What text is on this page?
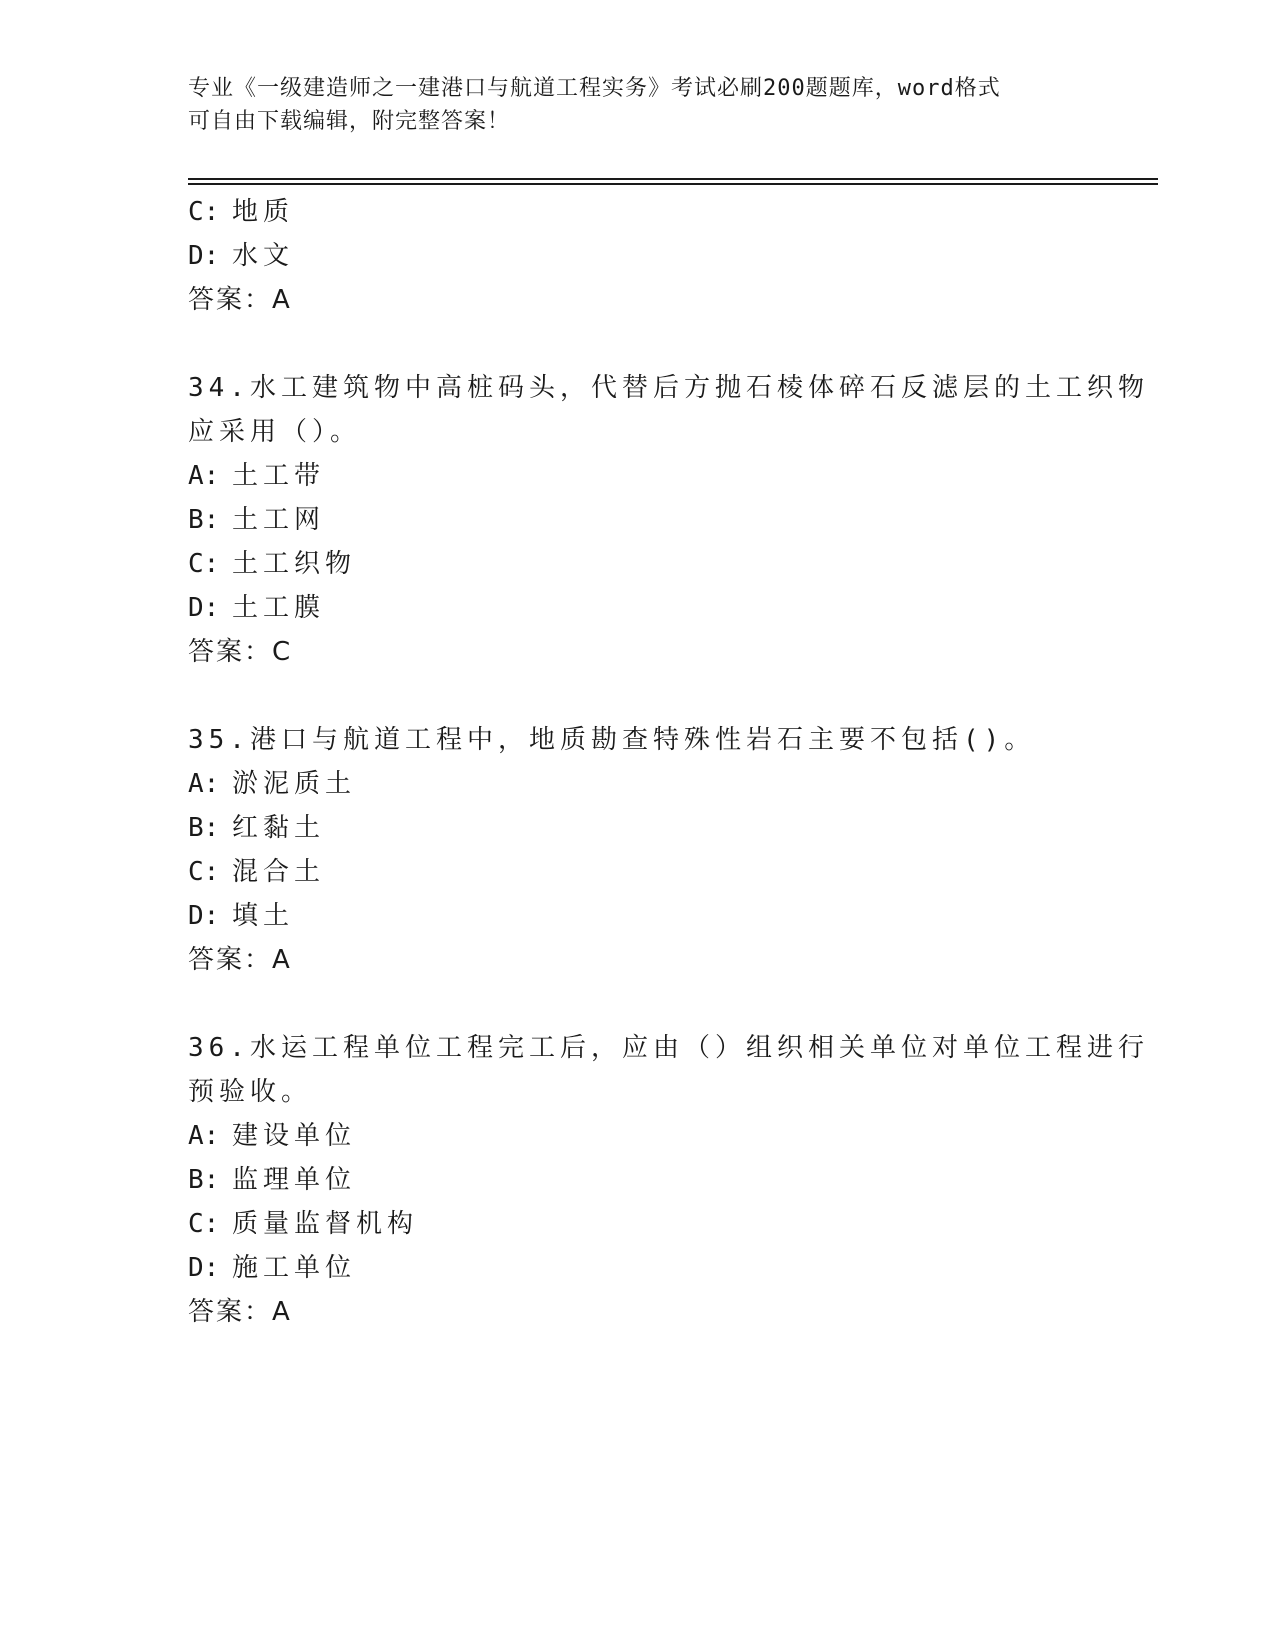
专业《一级建造师之一建港口与航道工程实务》考试必刷200题题库，word格式
可自由下载编辑，附完整答案！
C: 地质
D: 水文
答案：A
34.水工建筑物中高桩码头，代替后方抛石棱体碎石反滤层的土工织物
应采用（）。
A: 土工带
B: 土工网
C: 土工织物
D: 土工膜
答案：C
35.港口与航道工程中，地质勘查特殊性岩石主要不包括()。
A: 淤泥质土
B: 红黏土
C: 混合土
D: 填土
答案：A
36.水运工程单位工程完工后，应由（）组织相关单位对单位工程进行
预验收。
A: 建设单位
B: 监理单位
C: 质量监督机构
D: 施工单位
答案：A
